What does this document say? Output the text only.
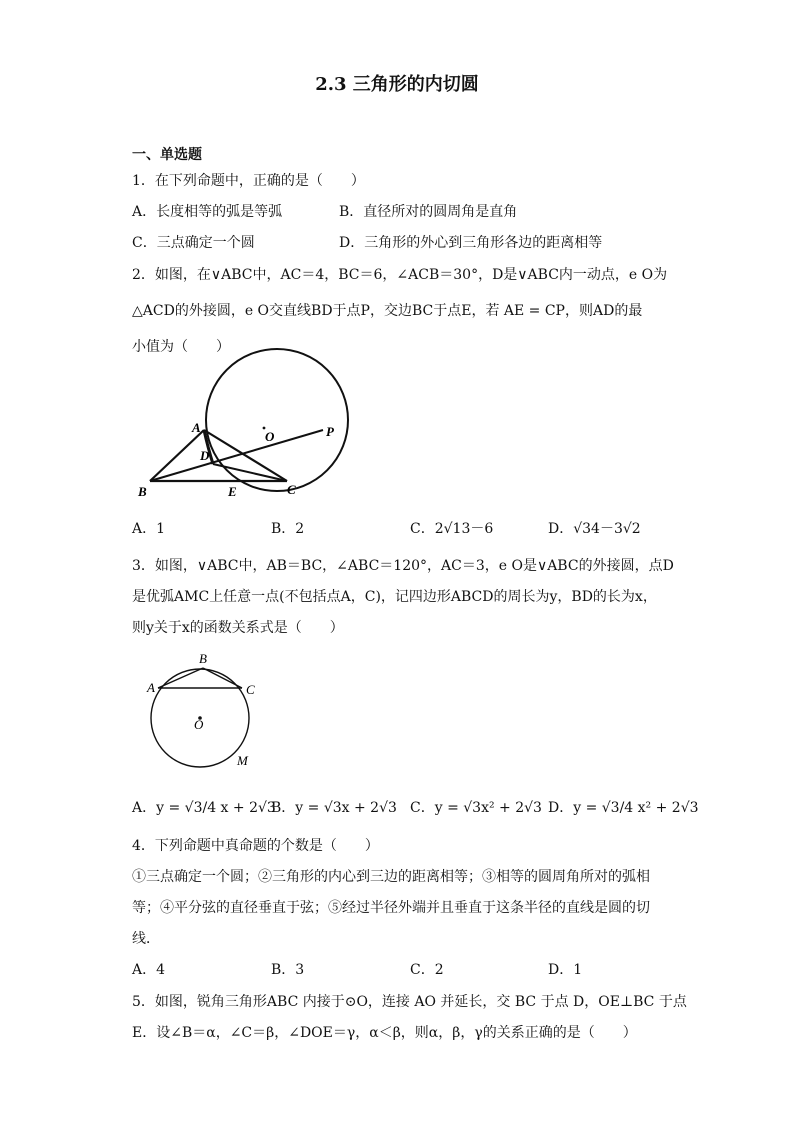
2.3 三角形的内切圆
一、单选题
1．在下列命题中，正确的是（　　）
A．长度相等的弧是等弧	B．直径所对的圆周角是直角
C．三点确定一个圆	D．三角形的外心到三角形各边的距离相等
2．如图，在∨ABC中，AC＝4，BC＝6，∠ACB＝30°，D是∨ABC内一动点，e O为
△ACD的外接圆，e O交直线BD于点P，交边BC于点E，若 AE = CP，则AD的最
小值为（　　）
A
B	C
D
E
O	P
A．1	B．2	C．2√13－6	D．√34－3√2
3．如图，∨ABC中，AB＝BC，∠ABC＝120°，AC＝3，e O是∨ABC的外接圆，点D
是优弧AMC上任意一点(不包括点A，C)，记四边形ABCD的周长为y，BD的长为x，
则y关于x的函数关系式是（　　）
A
B
C
O
M
A．y = √3/4 x + 2√3
B．y = √3x + 2√3 C．y = √3x² + 2√3 D．y = √3/4 x² + 2√3
4．下列命题中真命题的个数是（　　）
①三点确定一个圆；②三角形的内心到三边的距离相等；③相等的圆周角所对的弧相
等；④平分弦的直径垂直于弦；⑤经过半径外端并且垂直于这条半径的直线是圆的切
线．
A．4	B．3	C．2	D．1
5．如图，锐角三角形ABC 内接于⊙O，连接 AO 并延长，交 BC 于点 D，OE⊥BC 于点
E．设∠B＝α，∠C＝β，∠DOE＝γ，α＜β，则α，β，γ的关系正确的是（　　）
